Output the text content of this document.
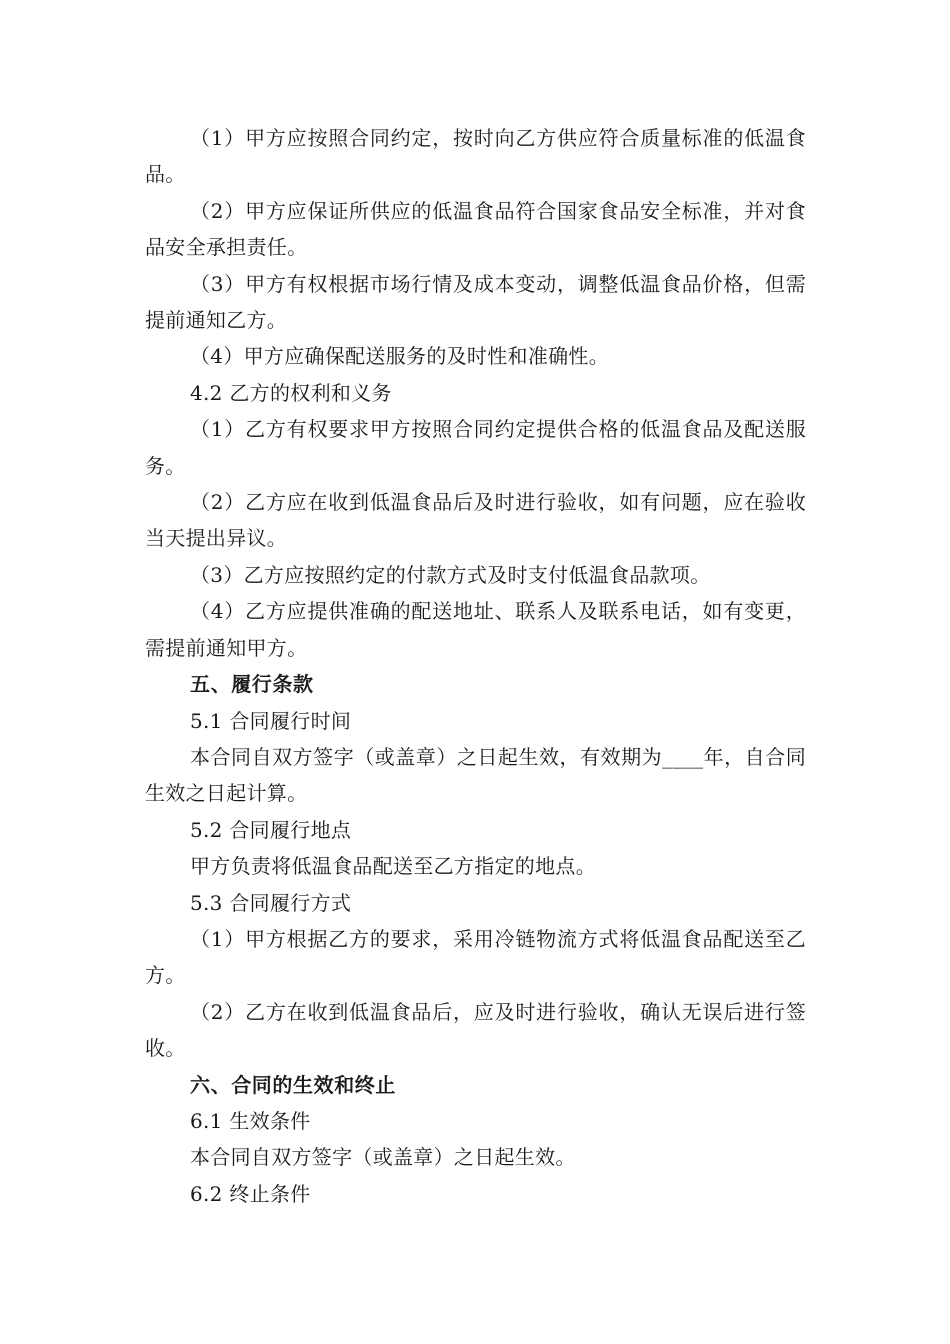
（1）甲方应按照合同约定，按时向乙方供应符合质量标准的低温食品。

（2）甲方应保证所供应的低温食品符合国家食品安全标准，并对食品安全承担责任。

（3）甲方有权根据市场行情及成本变动，调整低温食品价格，但需提前通知乙方。

（4）甲方应确保配送服务的及时性和准确性。

4.2 乙方的权利和义务

（1）乙方有权要求甲方按照合同约定提供合格的低温食品及配送服务。

（2）乙方应在收到低温食品后及时进行验收，如有问题，应在验收当天提出异议。

（3）乙方应按照约定的付款方式及时支付低温食品款项。

（4）乙方应提供准确的配送地址、联系人及联系电话，如有变更，需提前通知甲方。

五、履行条款

5.1 合同履行时间

本合同自双方签字（或盖章）之日起生效，有效期为____年，自合同生效之日起计算。

5.2 合同履行地点

甲方负责将低温食品配送至乙方指定的地点。

5.3 合同履行方式

（1）甲方根据乙方的要求，采用冷链物流方式将低温食品配送至乙方。

（2）乙方在收到低温食品后，应及时进行验收，确认无误后进行签收。

六、合同的生效和终止

6.1 生效条件

本合同自双方签字（或盖章）之日起生效。

6.2 终止条件
